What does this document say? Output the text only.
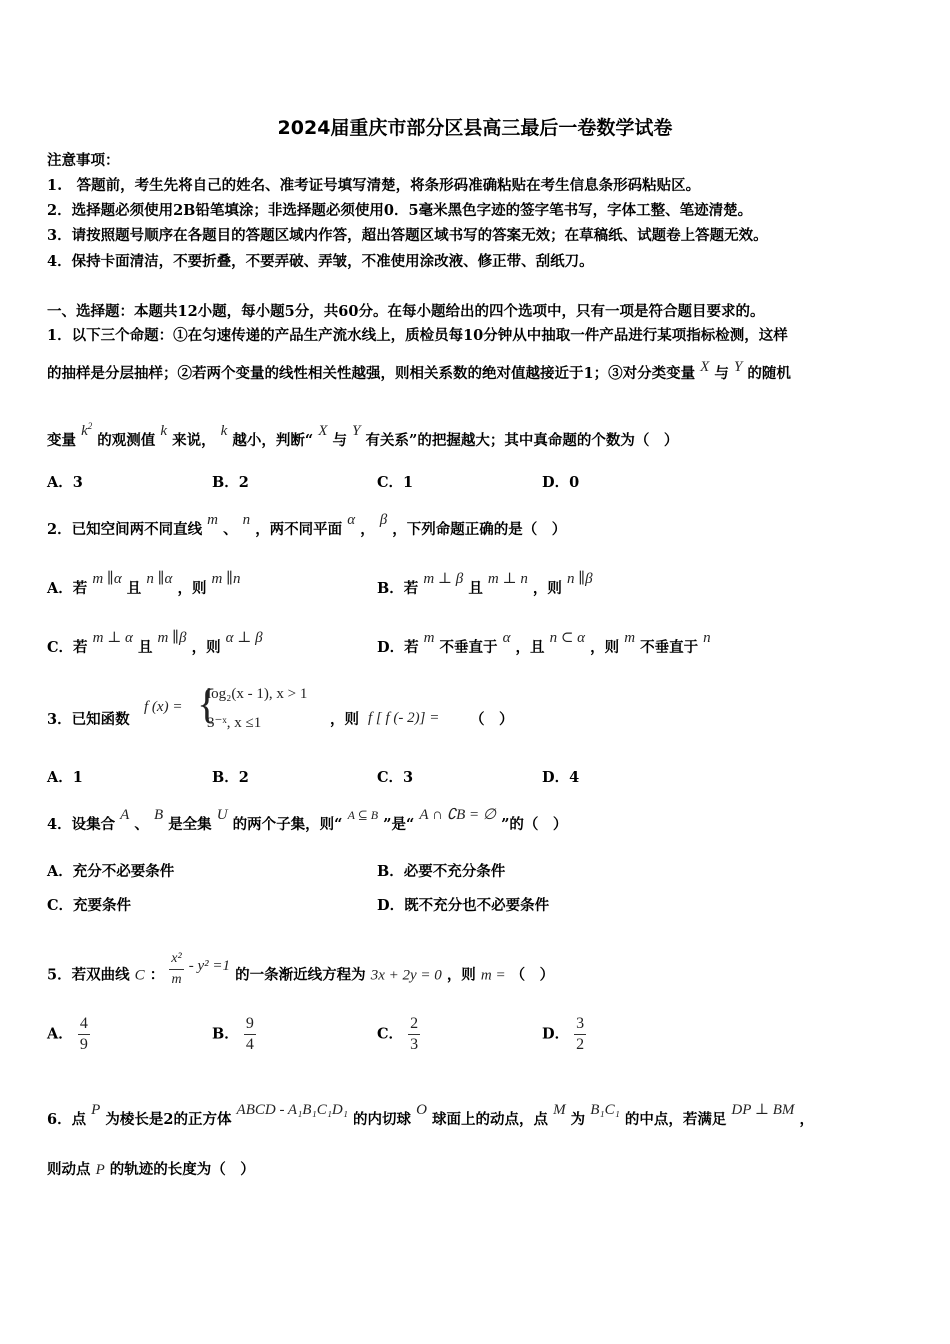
2024届重庆市部分区县高三最后一卷数学试卷
注意事项：
1.　答题前，考生先将自己的姓名、准考证号填写清楚，将条形码准确粘贴在考生信息条形码粘贴区。
2．选择题必须使用2B铅笔填涂；非选择题必须使用0．5毫米黑色字迹的签字笔书写，字体工整、笔迹清楚。
3．请按照题号顺序在各题目的答题区域内作答，超出答题区域书写的答案无效；在草稿纸、试题卷上答题无效。
4．保持卡面清洁，不要折叠，不要弄破、弄皱，不准使用涂改液、修正带、刮纸刀。
一、选择题：本题共12小题，每小题5分，共60分。在每小题给出的四个选项中，只有一项是符合题目要求的。
1．以下三个命题：①在匀速传递的产品生产流水线上，质检员每10分钟从中抽取一件产品进行某项指标检测，这样
的抽样是分层抽样；②若两个变量的线性相关性越强，则相关系数的绝对值越接近于1；③对分类变量 X 与 Y 的随机
变量 $k^2$ 的观测值 k 来说， k 越小，判断“ X 与 Y 有关系”的把握越大；其中真命题的个数为（　）
A．3	B．2	C．1	D．0
2．已知空间两不同直线 m 、 n ，两不同平面 α ， β ，下列命题正确的是（　）
A．若 m ∥α 且 n ∥α ，则 m ∥n
B．若 m ⊥ β 且 m ⊥ n ，则 n ∥β
C．若 m ⊥ α 且 m ∥β ，则 α ⊥ β
D．若 m 不垂直于 α ，且 n ⊂ α ，则 m 不垂直于 n
3．已知函数
f (x) = {
log₂(x - 1), x > 1
3⁻ˣ, x ≤1	，则 f [ f (- 2)] = （　）
A．1	B．2	C．3	D．4
4．设集合 A 、 B 是全集 U 的两个子集，则“ $^{A ⊆ B}$ ”是“ A ∩ ∁B = ∅ ”的（　）
A．充分不必要条件	B．必要不充分条件
C．充要条件	D．既不充分也不必要条件
5．若双曲线 C ： $\frac{\text{x²}}{m} - y^2 =1$ 的一条渐近线方程为 3x + 2y = 0 ，则 m = （　）
A． $\frac{4}{9}$	B． $\frac{9}{4}$	C． $\frac{2}{3}$	D． $\frac{3}{2}$
6．点 P 为棱长是2的正方体 ABCD - A₁B₁C₁D₁ 的内切球 O 球面上的动点，点 M 为 B₁C₁ 的中点，若满足 DP ⊥ BM ，
则动点 P 的轨迹的长度为（　）
